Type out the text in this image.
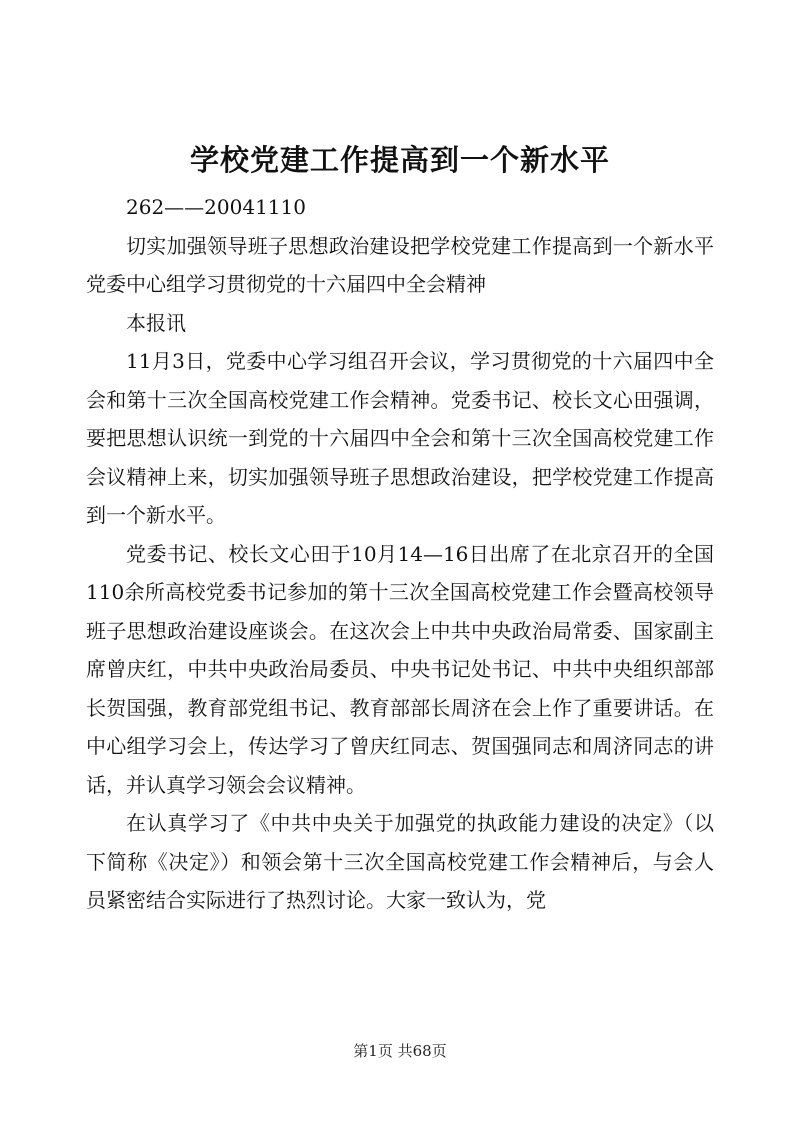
学校党建工作提高到一个新水平

262——20041110

切实加强领导班子思想政治建设把学校党建工作提高到一个新水平党委中心组学习贯彻党的十六届四中全会精神

本报讯

11月3日，党委中心学习组召开会议，学习贯彻党的十六届四中全会和第十三次全国高校党建工作会精神。党委书记、校长文心田强调，要把思想认识统一到党的十六届四中全会和第十三次全国高校党建工作会议精神上来，切实加强领导班子思想政治建设，把学校党建工作提高到一个新水平。

党委书记、校长文心田于10月14—16日出席了在北京召开的全国110余所高校党委书记参加的第十三次全国高校党建工作会暨高校领导班子思想政治建设座谈会。在这次会上中共中央政治局常委、国家副主席曾庆红，中共中央政治局委员、中央书记处书记、中共中央组织部部长贺国强，教育部党组书记、教育部部长周济在会上作了重要讲话。在中心组学习会上，传达学习了曾庆红同志、贺国强同志和周济同志的讲话，并认真学习领会会议精神。

在认真学习了《中共中央关于加强党的执政能力建设的决定》（以下简称《决定》）和领会第十三次全国高校党建工作会精神后，与会人员紧密结合实际进行了热烈讨论。大家一致认为，党

第1页 共68页
